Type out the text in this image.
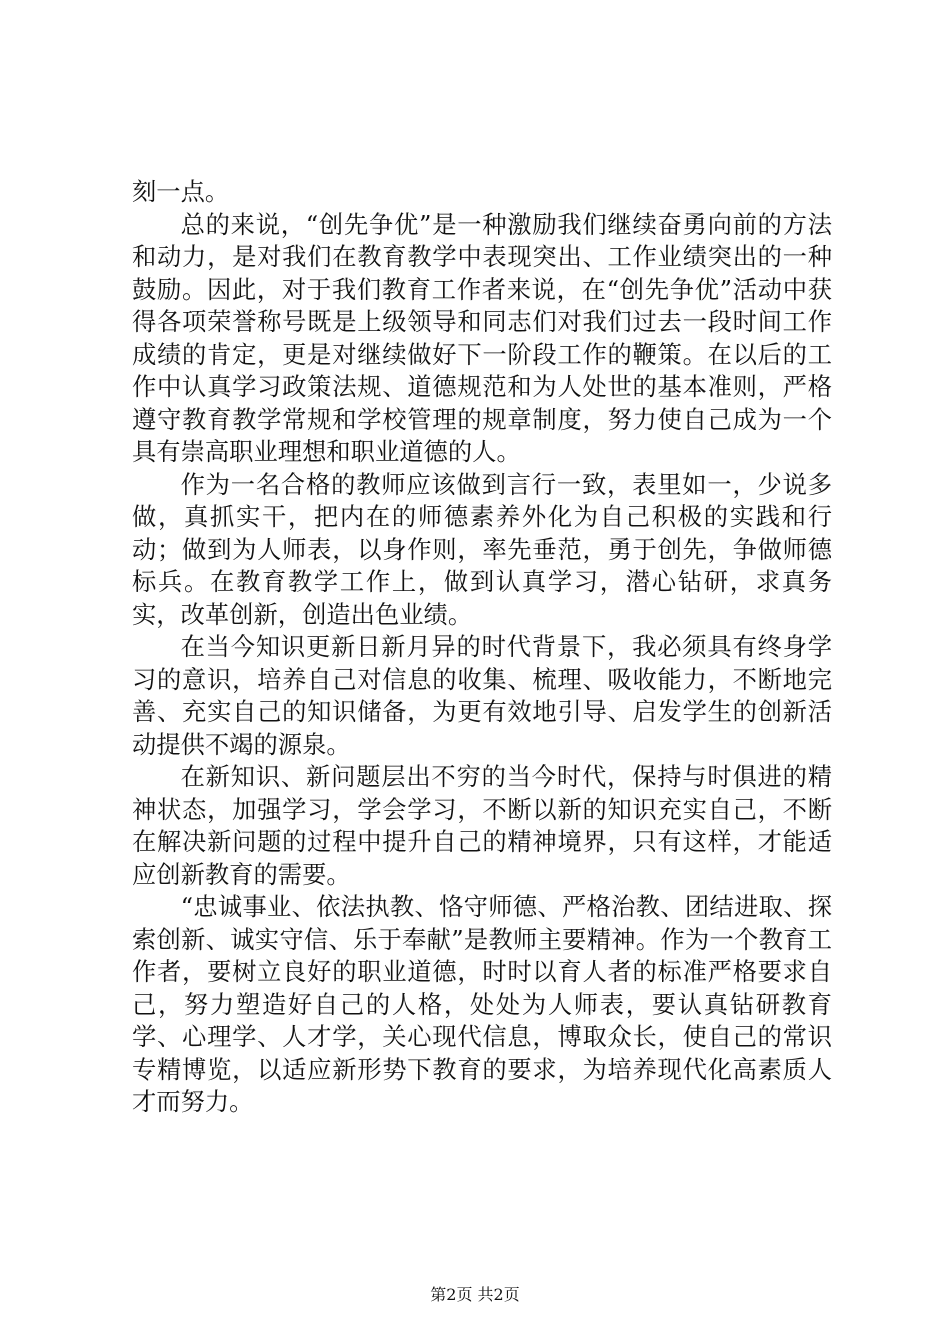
刻一点。

总的来说，“创先争优”是一种激励我们继续奋勇向前的方法和动力，是对我们在教育教学中表现突出、工作业绩突出的一种鼓励。因此，对于我们教育工作者来说，在“创先争优”活动中获得各项荣誉称号既是上级领导和同志们对我们过去一段时间工作成绩的肯定，更是对继续做好下一阶段工作的鞭策。在以后的工作中认真学习政策法规、道德规范和为人处世的基本准则，严格遵守教育教学常规和学校管理的规章制度，努力使自己成为一个具有崇高职业理想和职业道德的人。

作为一名合格的教师应该做到言行一致，表里如一，少说多做，真抓实干，把内在的师德素养外化为自己积极的实践和行动；做到为人师表，以身作则，率先垂范，勇于创先，争做师德标兵。在教育教学工作上，做到认真学习，潜心钻研，求真务实，改革创新，创造出色业绩。

在当今知识更新日新月异的时代背景下，我必须具有终身学习的意识，培养自己对信息的收集、梳理、吸收能力，不断地完善、充实自己的知识储备，为更有效地引导、启发学生的创新活动提供不竭的源泉。

在新知识、新问题层出不穷的当今时代，保持与时俱进的精神状态，加强学习，学会学习，不断以新的知识充实自己，不断在解决新问题的过程中提升自己的精神境界，只有这样，才能适应创新教育的需要。

“忠诚事业、依法执教、恪守师德、严格治教、团结进取、探索创新、诚实守信、乐于奉献”是教师主要精神。作为一个教育工作者，要树立良好的职业道德，时时以育人者的标准严格要求自己，努力塑造好自己的人格，处处为人师表，要认真钻研教育学、心理学、人才学，关心现代信息，博取众长，使自己的常识专精博览，以适应新形势下教育的要求，为培养现代化高素质人才而努力。

第2页 共2页
